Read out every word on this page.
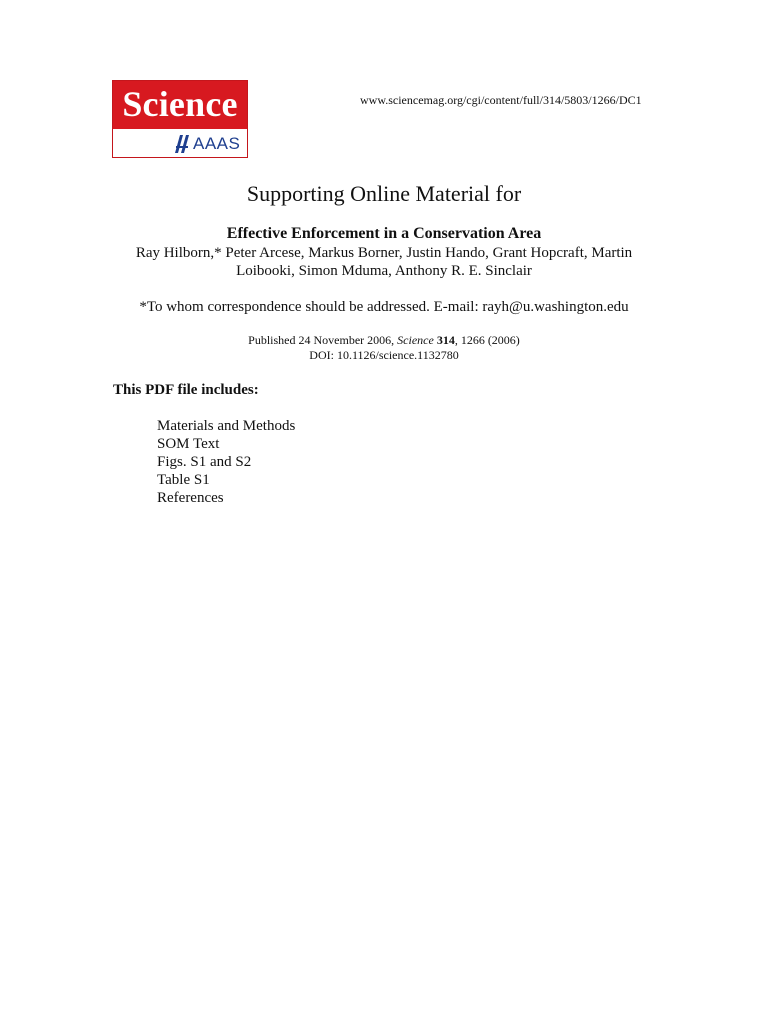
Science
AAAS
www.sciencemag.org/cgi/content/full/314/5803/1266/DC1
Supporting Online Material for
Effective Enforcement in a Conservation Area
Ray Hilborn,* Peter Arcese, Markus Borner, Justin Hando, Grant Hopcraft, Martin Loibooki, Simon Mduma, Anthony R. E. Sinclair
*To whom correspondence should be addressed. E-mail: rayh@u.washington.edu
Published 24 November 2006, Science 314, 1266 (2006)
DOI: 10.1126/science.1132780
This PDF file includes:
Materials and Methods
SOM Text
Figs. S1 and S2
Table S1
References
